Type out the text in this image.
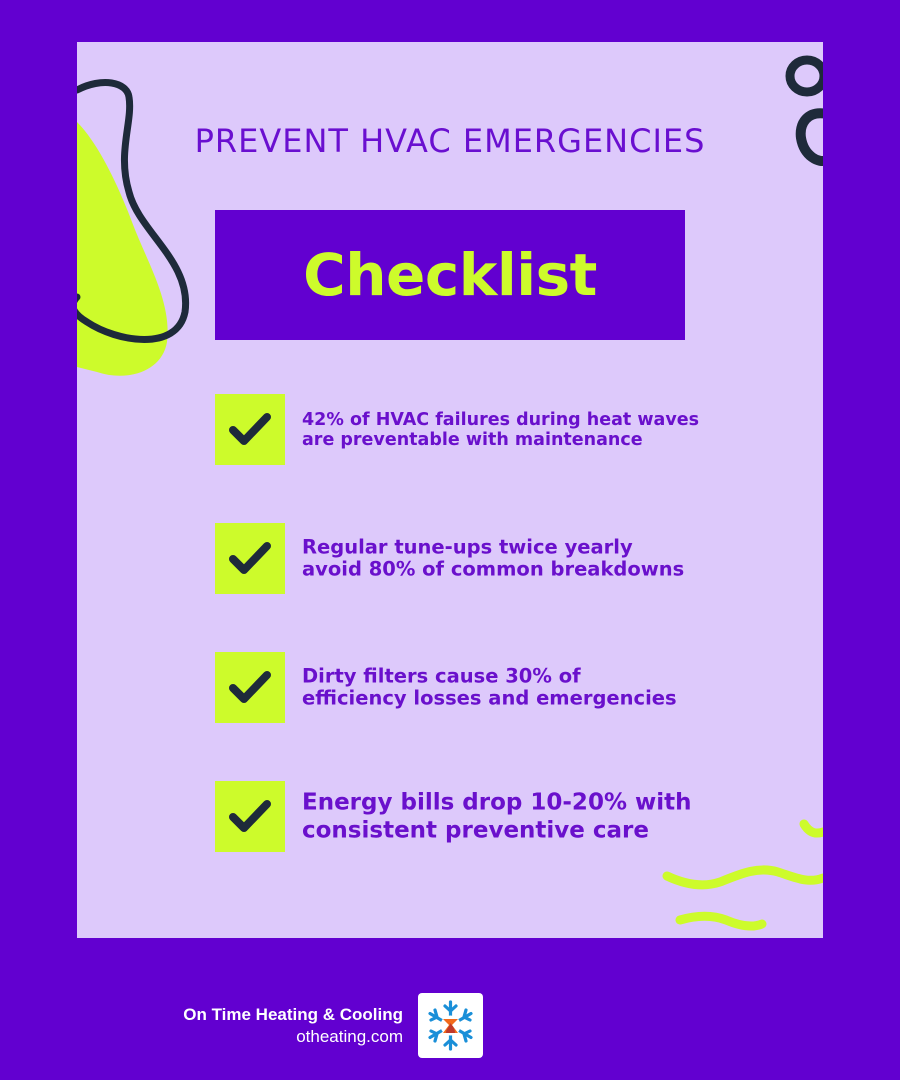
PREVENT HVAC EMERGENCIES
Checklist
42% of HVAC failures during heat waves
are preventable with maintenance
Regular tune-ups twice yearly
avoid 80% of common breakdowns
Dirty filters cause 30% of
efficiency losses and emergencies
Energy bills drop 10-20% with
consistent preventive care
On Time Heating & Cooling
otheating.com
